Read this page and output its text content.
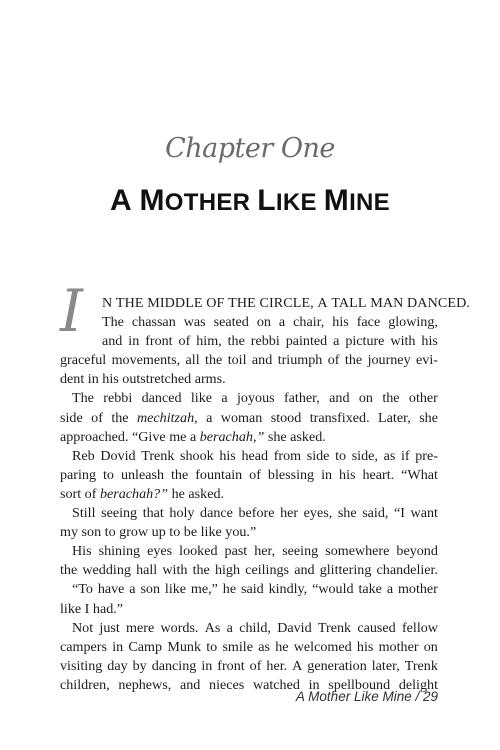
Chapter One
A MOTHER LIKE MINE
I	N THE MIDDLE OF THE CIRCLE, A TALL MAN DANCED.
The chassan was seated on a chair, his face glowing,
and in front of him, the rebbi painted a picture with his
graceful movements, all the toil and triumph of the journey evi-
dent in his outstretched arms.
The rebbi danced like a joyous father, and on the other
side of the mechitzah, a woman stood transfixed. Later, she
approached. “Give me a berachah,” she asked.
Reb Dovid Trenk shook his head from side to side, as if pre-
paring to unleash the fountain of blessing in his heart. “What
sort of berachah?” he asked.
Still seeing that holy dance before her eyes, she said, “I want
my son to grow up to be like you.”
His shining eyes looked past her, seeing somewhere beyond
the wedding hall with the high ceilings and glittering chandelier.
“To have a son like me,” he said kindly, “would take a mother
like I had.”
Not just mere words. As a child, David Trenk caused fellow
campers in Camp Munk to smile as he welcomed his mother on
visiting day by dancing in front of her. A generation later, Trenk
children, nephews, and nieces watched in spellbound delight
A Mother Like Mine / 29
